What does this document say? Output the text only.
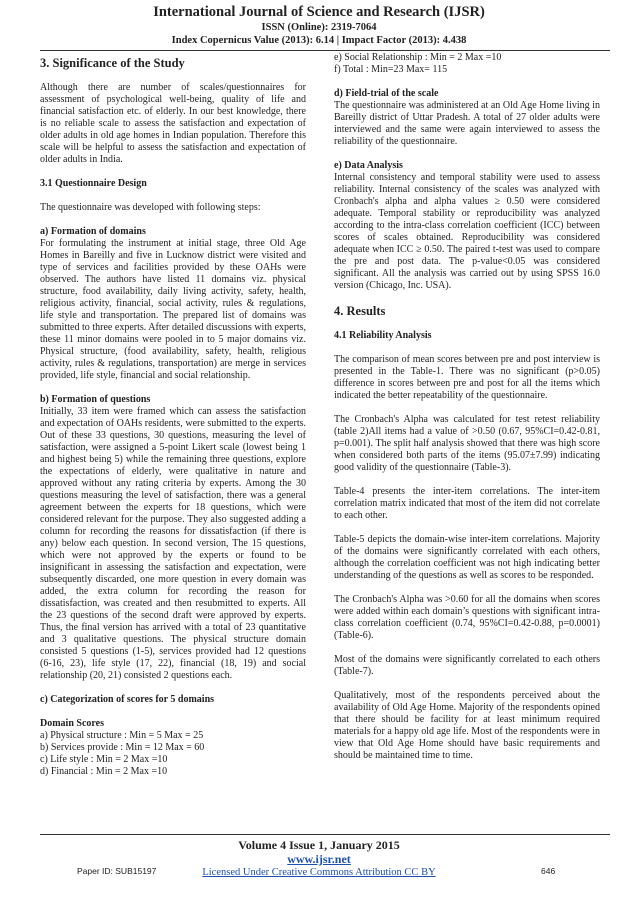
International Journal of Science and Research (IJSR)
ISSN (Online): 2319-7064
Index Copernicus Value (2013): 6.14 | Impact Factor (2013): 4.438
3. Significance of the Study

Although there are number of scales/questionnaires for assessment of psychological well-being, quality of life and financial satisfaction etc. of elderly. In our best knowledge, there is no reliable scale to assess the satisfaction and expectation of older adults in old age homes in Indian population. Therefore this scale will be helpful to assess the satisfaction and expectation of older adults in India.

3.1 Questionnaire Design

The questionnaire was developed with following steps:

a) Formation of domains

For formulating the instrument at initial stage, three Old Age Homes in Bareilly and five in Lucknow district were visited and type of services and facilities provided by these OAHs were observed. The authors have listed 11 domains viz. physical structure, food availability, daily living activity, safety, health, religious activity, financial, social activity, rules & regulations, life style and transportation. The prepared list of domains was submitted to three experts. After detailed discussions with experts, these 11 minor domains were pooled in to 5 major domains viz. Physical structure, (food availability, safety, health, religious activity, rules & regulations, transportation) are merge in services provided, life style, financial and social relationship.

b) Formation of questions

Initially, 33 item were framed which can assess the satisfaction and expectation of OAHs residents, were submitted to the experts. Out of these 33 questions, 30 questions, measuring the level of satisfaction, were assigned a 5-point Likert scale (lowest being 1 and highest being 5) while the remaining three questions, explore the expectations of elderly, were qualitative in nature and approved without any rating criteria by experts. Among the 30 questions measuring the level of satisfaction, there was a general agreement between the experts for 18 questions, which were considered relevant for the purpose. They also suggested adding a column for recording the reasons for dissatisfaction (if there is any) below each question. In second version, The 15 questions, which were not approved by the experts or found to be insignificant in assessing the satisfaction and expectation, were subsequently discarded, one more question in every domain was added, the extra column for recording the reason for dissatisfaction, was created and then resubmitted to experts. All the 23 questions of the second draft were approved by experts. Thus, the final version has arrived with a total of 23 quantitative and 3 qualitative questions. The physical structure domain consisted 5 questions (1-5), services provided had 12 questions (6-16, 23), life style (17, 22), financial (18, 19) and social relationship (20, 21) consisted 2 questions each.

c) Categorization of scores for 5 domains
Domain Scores
a) Physical structure : Min = 5 Max = 25
b) Services provide : Min = 12 Max = 60
c) Life style : Min = 2 Max =10
d) Financial : Min = 2 Max =10
e) Social Relationship : Min = 2 Max =10
f) Total : Min=23 Max= 115
d) Field-trial of the scale

The questionnaire was administered at an Old Age Home living in Bareilly district of Uttar Pradesh. A total of 27 older adults were interviewed and the same were again interviewed to assess the reliability of the questionnaire.

e) Data Analysis

Internal consistency and temporal stability were used to assess reliability. Internal consistency of the scales was analyzed with Cronbach's alpha and alpha values ≥ 0.50 were considered adequate. Temporal stability or reproducibility was analyzed according to the intra-class correlation coefficient (ICC) between scores of scales obtained. Reproducibility was considered adequate when ICC ≥ 0.50. The paired t-test was used to compare the pre and post data. The p-value<0.05 was considered significant. All the analysis was carried out by using SPSS 16.0 version (Chicago, Inc. USA).

4. Results
4.1 Reliability Analysis

The comparison of mean scores between pre and post interview is presented in the Table-1. There was no significant (p>0.05) difference in scores between pre and post for all the items which indicated the better repeatability of the questionnaire.

The Cronbach's Alpha was calculated for test retest reliability (table 2)All items had a value of >0.50 (0.67, 95%CI=0.42-0.81, p=0.001). The split half analysis showed that there was high score when considered both parts of the items (95.07±7.99) indicating good validity of the questionnaire (Table-3).

Table-4 presents the inter-item correlations. The inter-item correlation matrix indicated that most of the item did not correlate to each other.

Table-5 depicts the domain-wise inter-item correlations. Majority of the domains were significantly correlated with each others, although the correlation coefficient was not high indicating better understanding of the questions as well as scores to be responded.

The Cronbach's Alpha was >0.60 for all the domains when scores were added within each domain’s questions with significant intra-class correlation coefficient (0.74, 95%CI=0.42-0.88, p=0.0001) (Table-6).

Most of the domains were significantly correlated to each others (Table-7).

Qualitatively, most of the respondents perceived about the availability of Old Age Home. Majority of the respondents opined that there should be facility for at least minimum required materials for a happy old age life. Most of the respondents were in view that Old Age Home should have basic requirements and should be maintained time to time.

Volume 4 Issue 1, January 2015
www.ijsr.net
Licensed Under Creative Commons Attribution CC BY
Paper ID: SUB15197	646
